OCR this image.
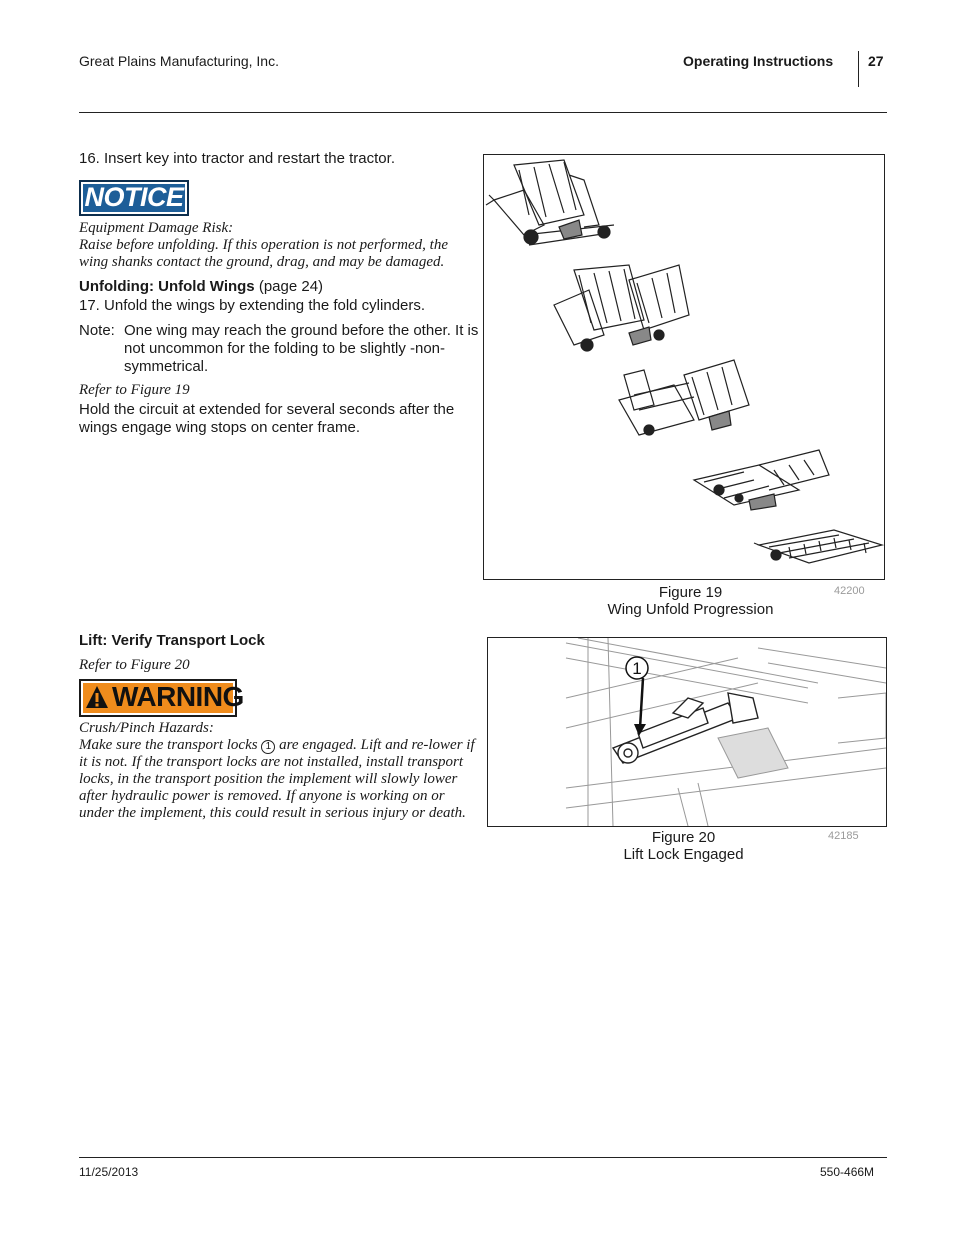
Great Plains Manufacturing, Inc.	Operating Instructions 27
16. Insert key into tractor and restart the tractor.
NOTICE
Equipment Damage Risk:
Raise before unfolding. If this operation is not performed, the wing shanks contact the ground, drag, and may be damaged.
Unfolding: Unfold Wings (page 24)
17. Unfold the wings by extending the fold cylinders.
Note: One wing may reach the ground before the other. It is not uncommon for the folding to be slightly -non-symmetrical.
Refer to Figure 19
Hold the circuit at extended for several seconds after the wings engage wing stops on center frame.
Lift: Verify Transport Lock
Refer to Figure 20
WARNING
Crush/Pinch Hazards:
Make sure the transport locks 1 are engaged. Lift and re-lower if it is not. If the transport locks are not installed, install transport locks, in the transport position the implement will slowly lower after hydraulic power is removed. If anyone is working on or under the implement, this could result in serious injury or death.
Figure 19
Wing Unfold Progression
42200
1
Figure 20
Lift Lock Engaged
42185
11/25/2013	550-466M
